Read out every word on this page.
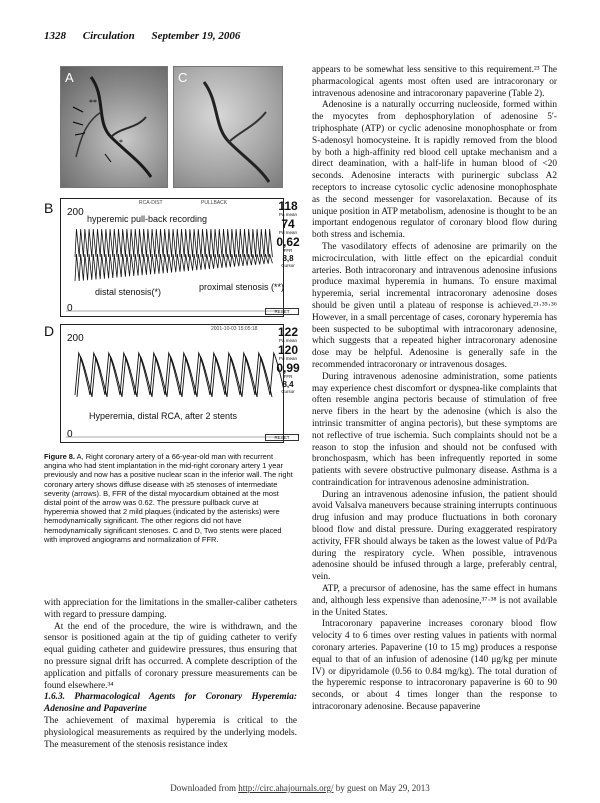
1328 Circulation September 19, 2006
A
**
*
C
B	RCA-DIST	PULLBACK
200
0
hyperemic pull-back recording
distal stenosis(*)	proximal stenosis (**)
118
Pa mean
74
Pd mean
0,62
FFR
8,8
Cursor
RESET
D	2001-10-03 15:05:18
200
0
Hyperemia, distal RCA, after 2 stents
122
Pa mean
120
Pd mean
0,99
FFR
8,4
Cursor
RESET

Figure 8. A, Right coronary artery of a 66-year-old man with recurrent angina who had stent implantation in the mid-right coronary artery 1 year previously and now has a positive nuclear scan in the inferior wall. The right coronary artery shows diffuse disease with ≥5 stenoses of intermediate severity (arrows). B, FFR of the distal myocardium obtained at the most distal point of the arrow was 0.62. The pressure pullback curve at hyperemia showed that 2 mild plaques (indicated by the asterisks) were hemodynamically significant. The other regions did not have hemodynamically significant stenoses. C and D, Two stents were placed with improved angiograms and normalization of FFR.

with appreciation for the limitations in the smaller-caliber catheters with regard to pressure damping.

At the end of the procedure, the wire is withdrawn, and the sensor is positioned again at the tip of guiding catheter to verify equal guiding catheter and guidewire pressures, thus ensuring that no pressure signal drift has occurred. A complete description of the application and pitfalls of coronary pressure measurements can be found elsewhere.³⁴

1.6.3. Pharmacological Agents for Coronary Hyperemia: Adenosine and Papaverine

The achievement of maximal hyperemia is critical to the physiological measurements as required by the underlying models. The measurement of the stenosis resistance index

appears to be somewhat less sensitive to this requirement.²³ The pharmacological agents most often used are intracoronary or intravenous adenosine and intracoronary papaverine (Table 2).

Adenosine is a naturally occurring nucleoside, formed within the myocytes from dephosphorylation of adenosine 5′-triphosphate (ATP) or cyclic adenosine monophosphate or from S-adenosyl homocysteine. It is rapidly removed from the blood by both a high-affinity red blood cell uptake mechanism and a direct deamination, with a half-life in human blood of <20 seconds. Adenosine interacts with purinergic subclass A2 receptors to increase cytosolic cyclic adenosine monophosphate as the second messenger for vasorelaxation. Because of its unique position in ATP metabolism, adenosine is thought to be an important endogenous regulator of coronary blood flow during both stress and ischemia.

The vasodilatory effects of adenosine are primarily on the microcirculation, with little effect on the epicardial conduit arteries. Both intracoronary and intravenous adenosine infusions produce maximal hyperemia in humans. To ensure maximal hyperemia, serial incremental intracoronary adenosine doses should be given until a plateau of response is achieved.²¹·³⁵·³⁶ However, in a small percentage of cases, coronary hyperemia has been suspected to be suboptimal with intracoronary adenosine, which suggests that a repeated higher intracoronary adenosine dose may be helpful. Adenosine is generally safe in the recommended intracoronary or intravenous dosages.

During intravenous adenosine administration, some patients may experience chest discomfort or dyspnea-like complaints that often resemble angina pectoris because of stimulation of free nerve fibers in the heart by the adenosine (which is also the intrinsic transmitter of angina pectoris), but these symptoms are not reflective of true ischemia. Such complaints should not be a reason to stop the infusion and should not be confused with bronchospasm, which has been infrequently reported in some patients with severe obstructive pulmonary disease. Asthma is a contraindication for intravenous adenosine administration.

During an intravenous adenosine infusion, the patient should avoid Valsalva maneuvers because straining interrupts continuous drug infusion and may produce fluctuations in both coronary blood flow and distal pressure. During exaggerated respiratory activity, FFR should always be taken as the lowest value of Pd/Pa during the respiratory cycle. When possible, intravenous adenosine should be infused through a large, preferably central, vein.

ATP, a precursor of adenosine, has the same effect in humans and, although less expensive than adenosine,³⁷·³⁸ is not available in the United States.

Intracoronary papaverine increases coronary blood flow velocity 4 to 6 times over resting values in patients with normal coronary arteries. Papaverine (10 to 15 mg) produces a response equal to that of an infusion of adenosine (140 μg/kg per minute IV) or dipyridamole (0.56 to 0.84 mg/kg). The total duration of the hyperemic response to intracoronary papaverine is 60 to 90 seconds, or about 4 times longer than the response to intracoronary adenosine. Because papaverine

Downloaded from http://circ.ahajournals.org/ by guest on May 29, 2013
